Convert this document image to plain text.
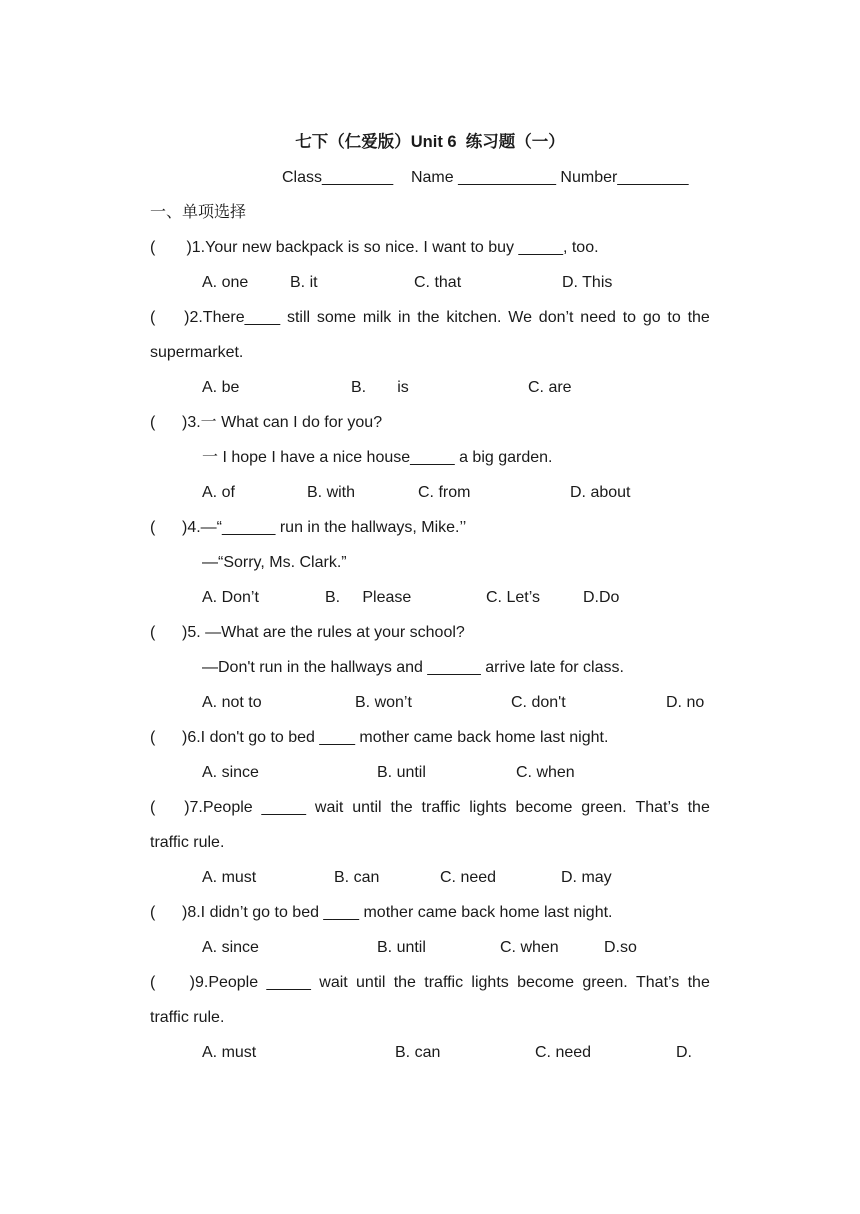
七下（仁爱版）Unit 6  练习题（一）
Class________    Name ___________ Number________
一、单项选择
(       )1.Your new backpack is so nice. I want to buy _____, too.
A. one	B. it	C. that	D. This
( )2.There____ still some milk in the kitchen. We don’t need to go to the
supermarket.
A. be	B.       is	C. are
(      )3.一 What can I do for you?
一 I hope I have a nice house_____ a big garden.
A. of	B. with	C. from	D. about
(      )4.—“______ run in the hallways, Mike.’’
—“Sorry, Ms. Clark.”
A. Don’t	B.     Please	C. Let’s	D.Do
(      )5. —What are the rules at your school?
—Don't run in the hallways and ______ arrive late for class.
A. not to	B. won’t	C. don't	D. no
(      )6.I don't go to bed ____ mother came back home last night.
A. since	B. until	C. when
( )7.People _____ wait until the traffic lights become green. That’s the
traffic rule.
A. must	B. can	C. need	D. may
(      )8.I didn’t go to bed ____ mother came back home last night.
A. since	B. until	C. when	D.so
( )9.People _____ wait until the traffic lights become green. That’s the
traffic rule.
A. must	B. can	C. need	D.
